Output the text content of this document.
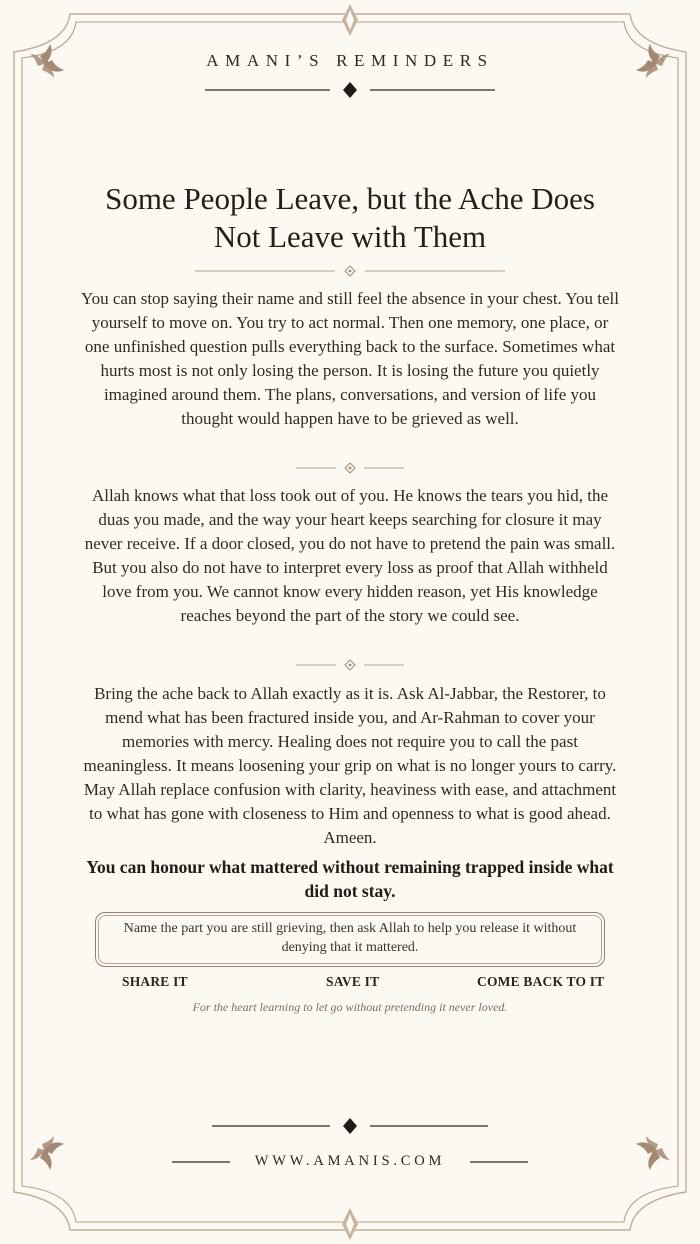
AMANI’S REMINDERS
Some People Leave, but the Ache Does
Not Leave with Them

You can stop saying their name and still feel the absence in your chest. You tell yourself to move on. You try to act normal. Then one memory, one place, or one unfinished question pulls everything back to the surface. Sometimes what hurts most is not only losing the person. It is losing the future you quietly imagined around them. The plans, conversations, and version of life you thought would happen have to be grieved as well.

Allah knows what that loss took out of you. He knows the tears you hid, the duas you made, and the way your heart keeps searching for closure it may never receive. If a door closed, you do not have to pretend the pain was small. But you also do not have to interpret every loss as proof that Allah withheld love from you. We cannot know every hidden reason, yet His knowledge reaches beyond the part of the story we could see.

Bring the ache back to Allah exactly as it is. Ask Al-Jabbar, the Restorer, to mend what has been fractured inside you, and Ar-Rahman to cover your memories with mercy. Healing does not require you to call the past meaningless. It means loosening your grip on what is no longer yours to carry. May Allah replace confusion with clarity, heaviness with ease, and attachment to what has gone with closeness to Him and openness to what is good ahead. Ameen.

You can honour what mattered without remaining trapped inside what did not stay.

Name the part you are still grieving, then ask Allah to help you release it without denying that it mattered.

SHARE IT	SAVE IT	COME BACK TO IT
For the heart learning to let go without pretending it never loved.
WWW.AMANIS.COM
